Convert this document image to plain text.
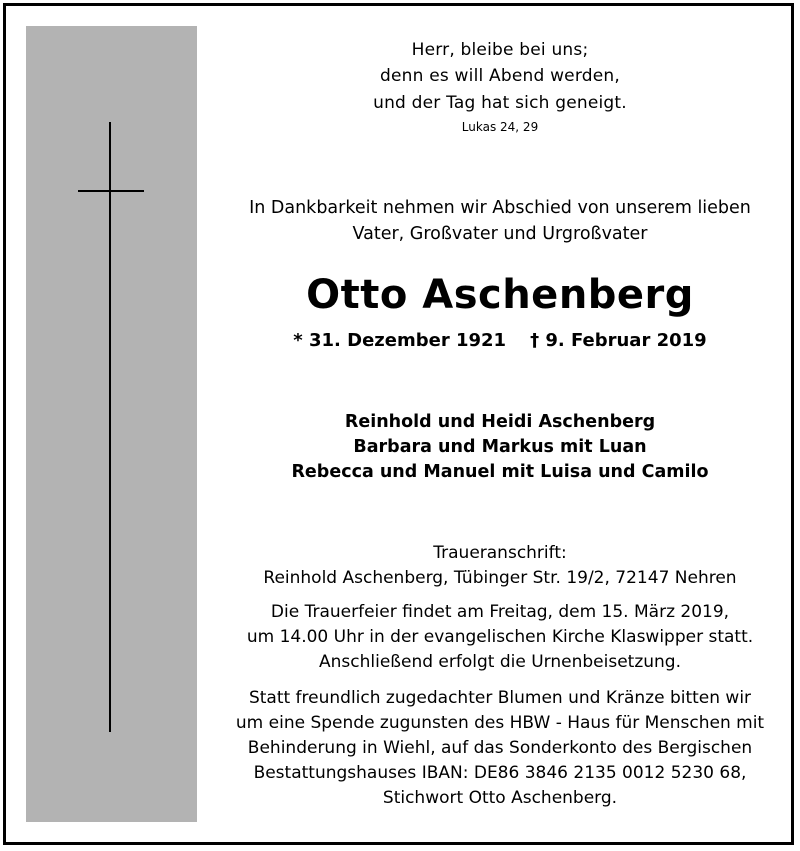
Herr, bleibe bei uns;
denn es will Abend werden,
und der Tag hat sich geneigt.
Lukas 24, 29
In Dankbarkeit nehmen wir Abschied von unserem lieben
Vater, Großvater und Urgroßvater
Otto Aschenberg
* 31. Dezember 1921 † 9. Februar 2019
Reinhold und Heidi Aschenberg
Barbara und Markus mit Luan
Rebecca und Manuel mit Luisa und Camilo
Traueranschrift:
Reinhold Aschenberg, Tübinger Str. 19/2, 72147 Nehren
Die Trauerfeier findet am Freitag, dem 15. März 2019,
um 14.00 Uhr in der evangelischen Kirche Klaswipper statt.
Anschließend erfolgt die Urnenbeisetzung.
Statt freundlich zugedachter Blumen und Kränze bitten wir
um eine Spende zugunsten des HBW - Haus für Menschen mit
Behinderung in Wiehl, auf das Sonderkonto des Bergischen
Bestattungshauses IBAN: DE86 3846 2135 0012 5230 68,
Stichwort Otto Aschenberg.
